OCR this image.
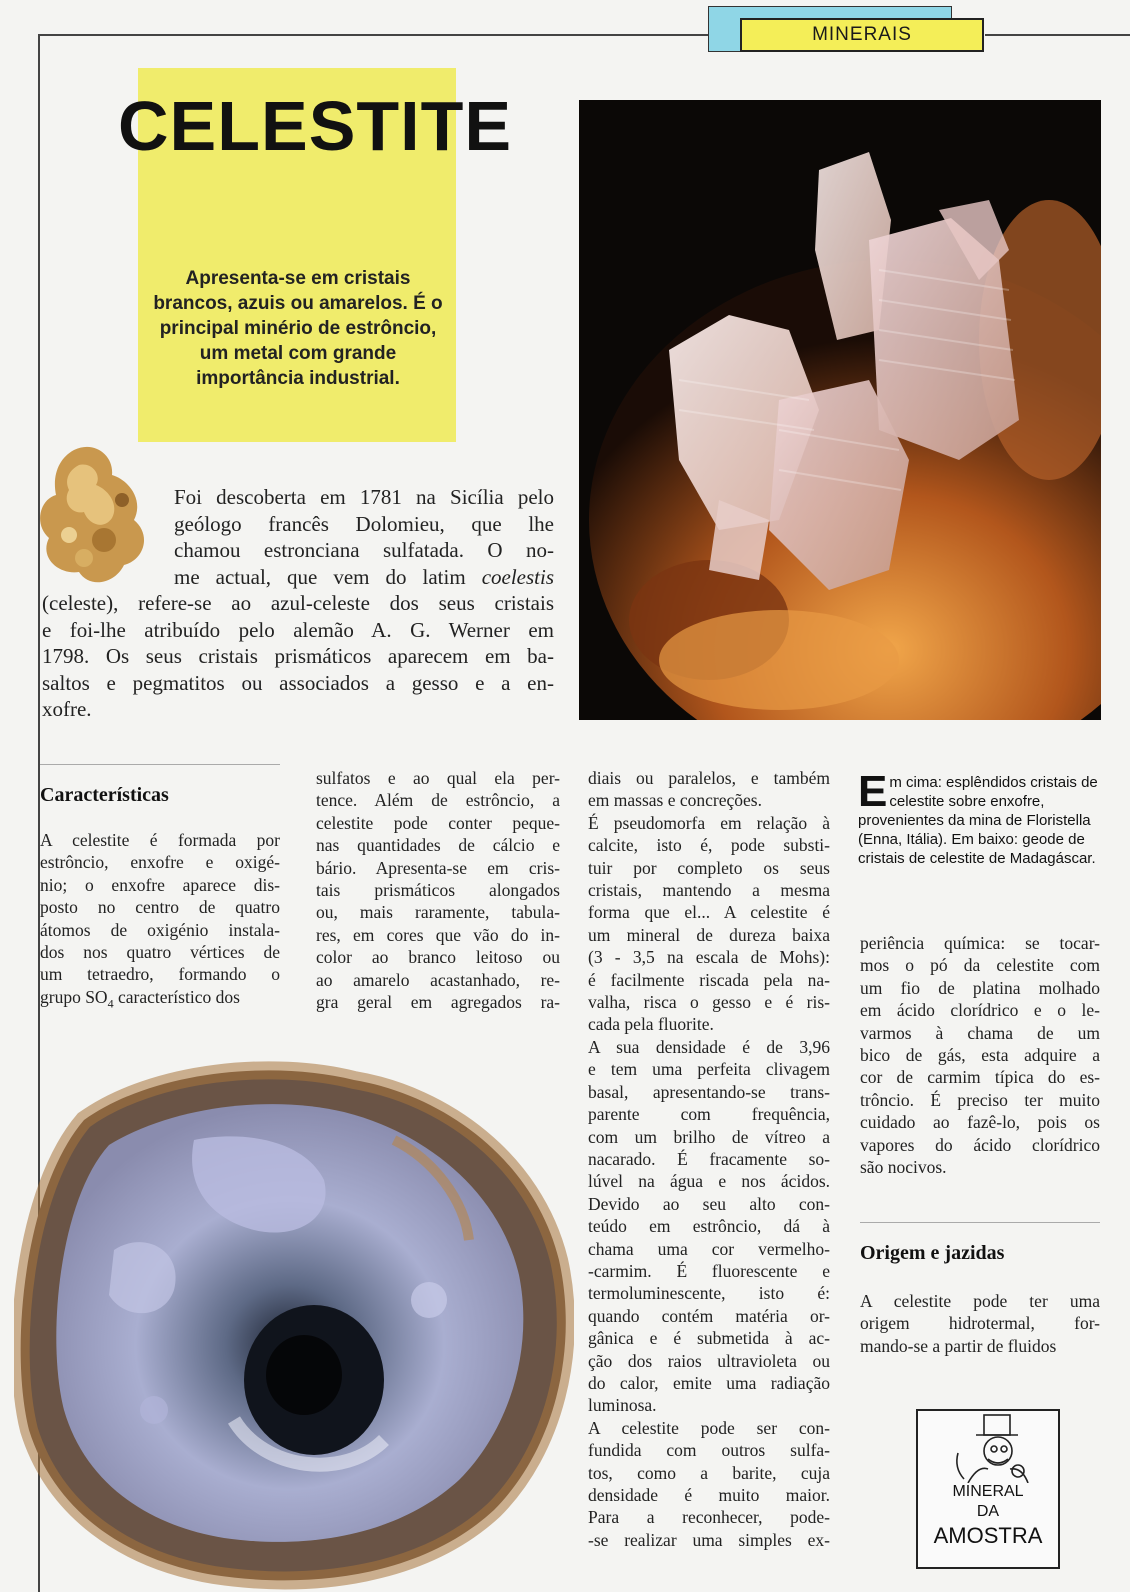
MINERAIS
CELESTITE
Apresenta-se em cristais brancos, azuis ou amarelos. É o principal minério de estrôncio, um metal com grande importância industrial.
Foi descoberta em 1781 na Sicília pelo
geólogo francês Dolomieu, que lhe
chamou estronciana sulfatada. O no-
me actual, que vem do latim coelestis
(celeste), refere-se ao azul-celeste dos seus cristais
e foi-lhe atribuído pelo alemão A. G. Werner em
1798. Os seus cristais prismáticos aparecem em ba-
saltos e pegmatitos ou associados a gesso e a en-
xofre.
Características
A celestite é formada por
estrôncio, enxofre e oxigé-
nio; o enxofre aparece dis-
posto no centro de quatro
átomos de oxigénio instala-
dos nos quatro vértices de
um tetraedro, formando o
grupo $SO_4$ característico dos
sulfatos e ao qual ela per-
tence. Além de estrôncio, a
celestite pode conter peque-
nas quantidades de cálcio e
bário. Apresenta-se em cris-
tais prismáticos alongados
ou, mais raramente, tabula-
res, em cores que vão do in-
color ao branco leitoso ou
ao amarelo acastanhado, re-
gra geral em agregados ra-
diais ou paralelos, e também
em massas e concreções.
É pseudomorfa em relação à
calcite, isto é, pode substi-
tuir por completo os seus
cristais, mantendo a mesma
forma que el... A celestite é
um mineral de dureza baixa
(3 - 3,5 na escala de Mohs):
é facilmente riscada pela na-
valha, risca o gesso e é ris-
cada pela fluorite.
A sua densidade é de 3,96
e tem uma perfeita clivagem
basal, apresentando-se trans-
parente com frequência,
com um brilho de vítreo a
nacarado. É fracamente so-
lúvel na água e nos ácidos.
Devido ao seu alto con-
teúdo em estrôncio, dá à
chama uma cor vermelho-
-carmim. É fluorescente e
termoluminescente, isto é:
quando contém matéria or-
gânica e é submetida à ac-
ção dos raios ultravioleta ou
do calor, emite uma radiação
luminosa.
A celestite pode ser con-
fundida com outros sulfa-
tos, como a barite, cuja
densidade é muito maior.
Para a reconhecer, pode-
-se realizar uma simples ex-
E m cima: esplêndidos cristais de celestite sobre enxofre, provenientes da mina de Floristella (Enna, Itália). Em baixo: geode de cristais de celestite de Madagáscar.
periência química: se tocar-
mos o pó da celestite com
um fio de platina molhado
em ácido clorídrico e o le-
varmos à chama de um
bico de gás, esta adquire a
cor de carmim típica do es-
trôncio. É preciso ter muito
cuidado ao fazê-lo, pois os
vapores do ácido clorídrico
são nocivos.
Origem e jazidas
A celestite pode ter uma
origem hidrotermal, for-
mando-se a partir de fluidos
MINERAL
DA
AMOSTRA
